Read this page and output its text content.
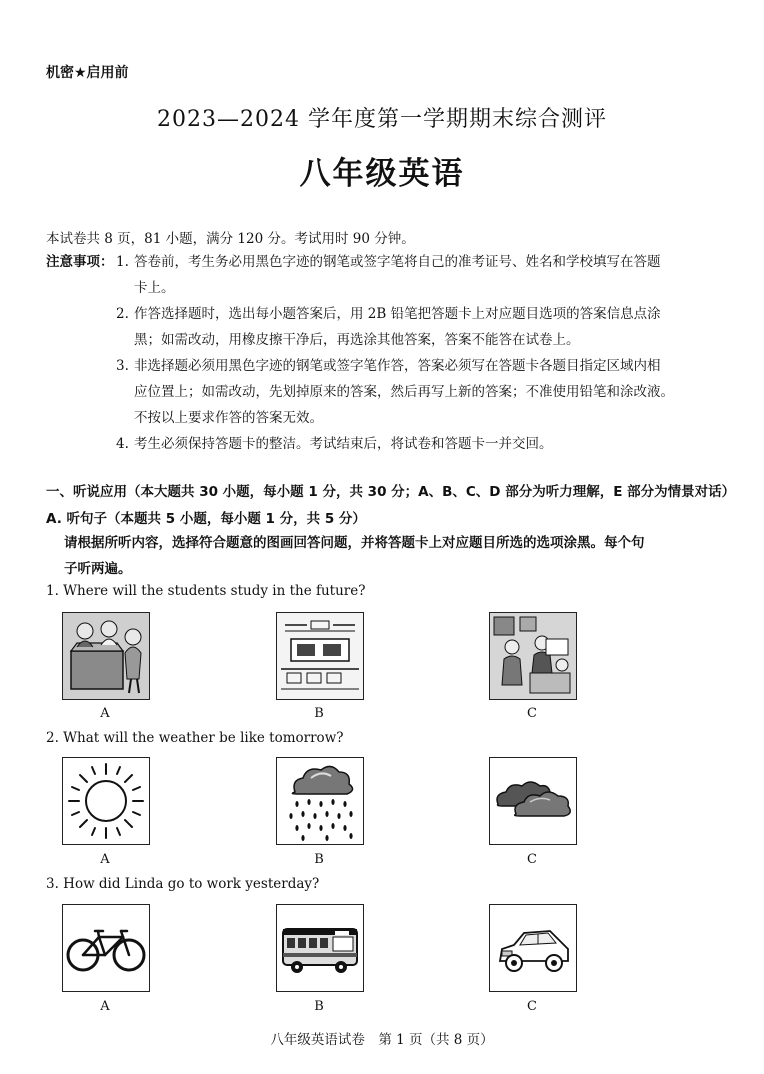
机密★启用前
2023—2024 学年度第一学期期末综合测评
八年级英语
本试卷共 8 页，81 小题，满分 120 分。考试用时 90 分钟。
注意事项： 1. 答卷前，考生务必用黑色字迹的钢笔或签字笔将自己的准考证号、姓名和学校填写在答题
卡上。
2. 作答选择题时，选出每小题答案后，用 2B 铅笔把答题卡上对应题目选项的答案信息点涂
黑；如需改动，用橡皮擦干净后，再选涂其他答案，答案不能答在试卷上。
3. 非选择题必须用黑色字迹的钢笔或签字笔作答，答案必须写在答题卡各题目指定区域内相
应位置上；如需改动，先划掉原来的答案，然后再写上新的答案；不准使用铅笔和涂改液。
不按以上要求作答的答案无效。
4. 考生必须保持答题卡的整洁。考试结束后，将试卷和答题卡一并交回。
一、听说应用（本大题共 30 小题，每小题 1 分，共 30 分；A、B、C、D 部分为听力理解，E 部分为情景对话）
A. 听句子（本题共 5 小题，每小题 1 分，共 5 分）
请根据所听内容，选择符合题意的图画回答问题，并将答题卡上对应题目所选的选项涂黑。每个句
子听两遍。
1. Where will the students study in the future?
A	B	C
2. What will the weather be like tomorrow?
A	B	C
3. How did Linda go to work yesterday?
A	B	C
八年级英语试卷　第 1 页（共 8 页）
